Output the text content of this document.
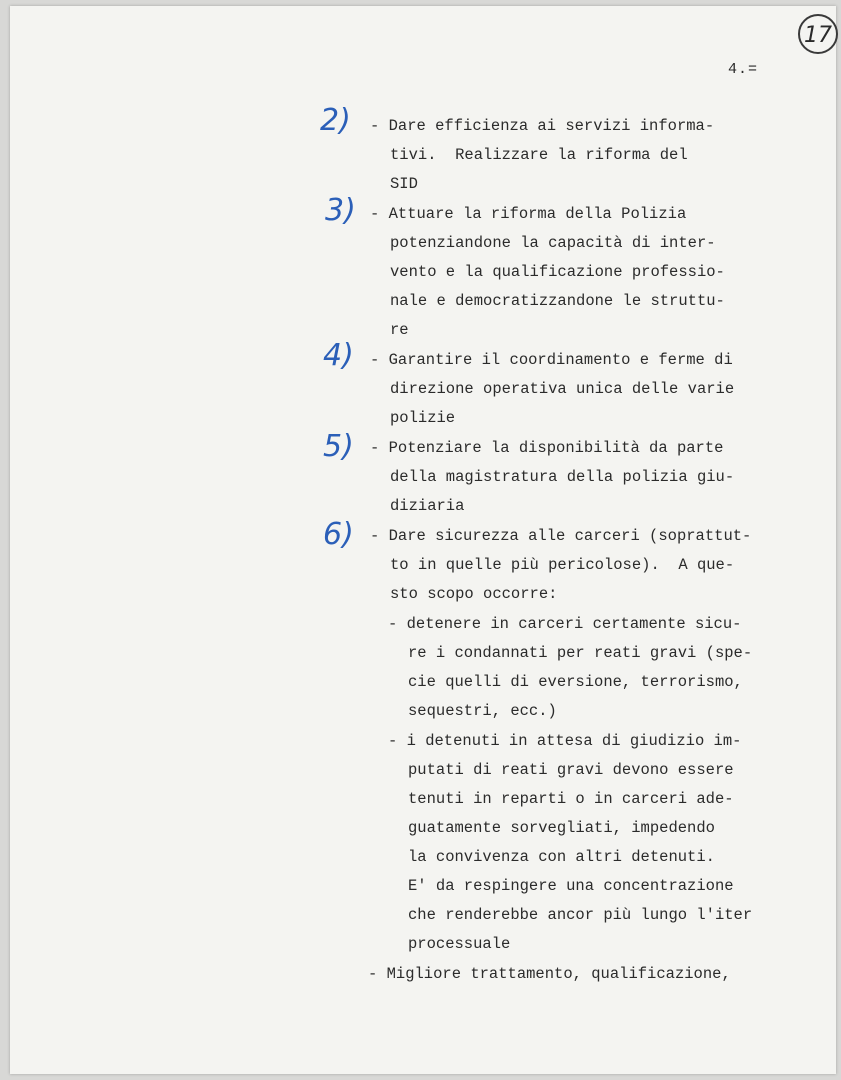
17
4.=
2)
3)
4)
5)
6)
- Dare efficienza ai servizi informa-
tivi.  Realizzare la riforma del
SID
- Attuare la riforma della Polizia
potenziandone la capacità di inter-
vento e la qualificazione professio-
nale e democratizzandone le struttu-
re
- Garantire il coordinamento e ferme di
direzione operativa unica delle varie
polizie
- Potenziare la disponibilità da parte
della magistratura della polizia giu-
diziaria
- Dare sicurezza alle carceri (soprattut-
to in quelle più pericolose).  A que-
sto scopo occorre:
- detenere in carceri certamente sicu-
re i condannati per reati gravi (spe-
cie quelli di eversione, terrorismo,
sequestri, ecc.)
- i detenuti in attesa di giudizio im-
putati di reati gravi devono essere
tenuti in reparti o in carceri ade-
guatamente sorvegliati, impedendo
la convivenza con altri detenuti.
E' da respingere una concentrazione
che renderebbe ancor più lungo l'iter
processuale
- Migliore trattamento, qualificazione,
